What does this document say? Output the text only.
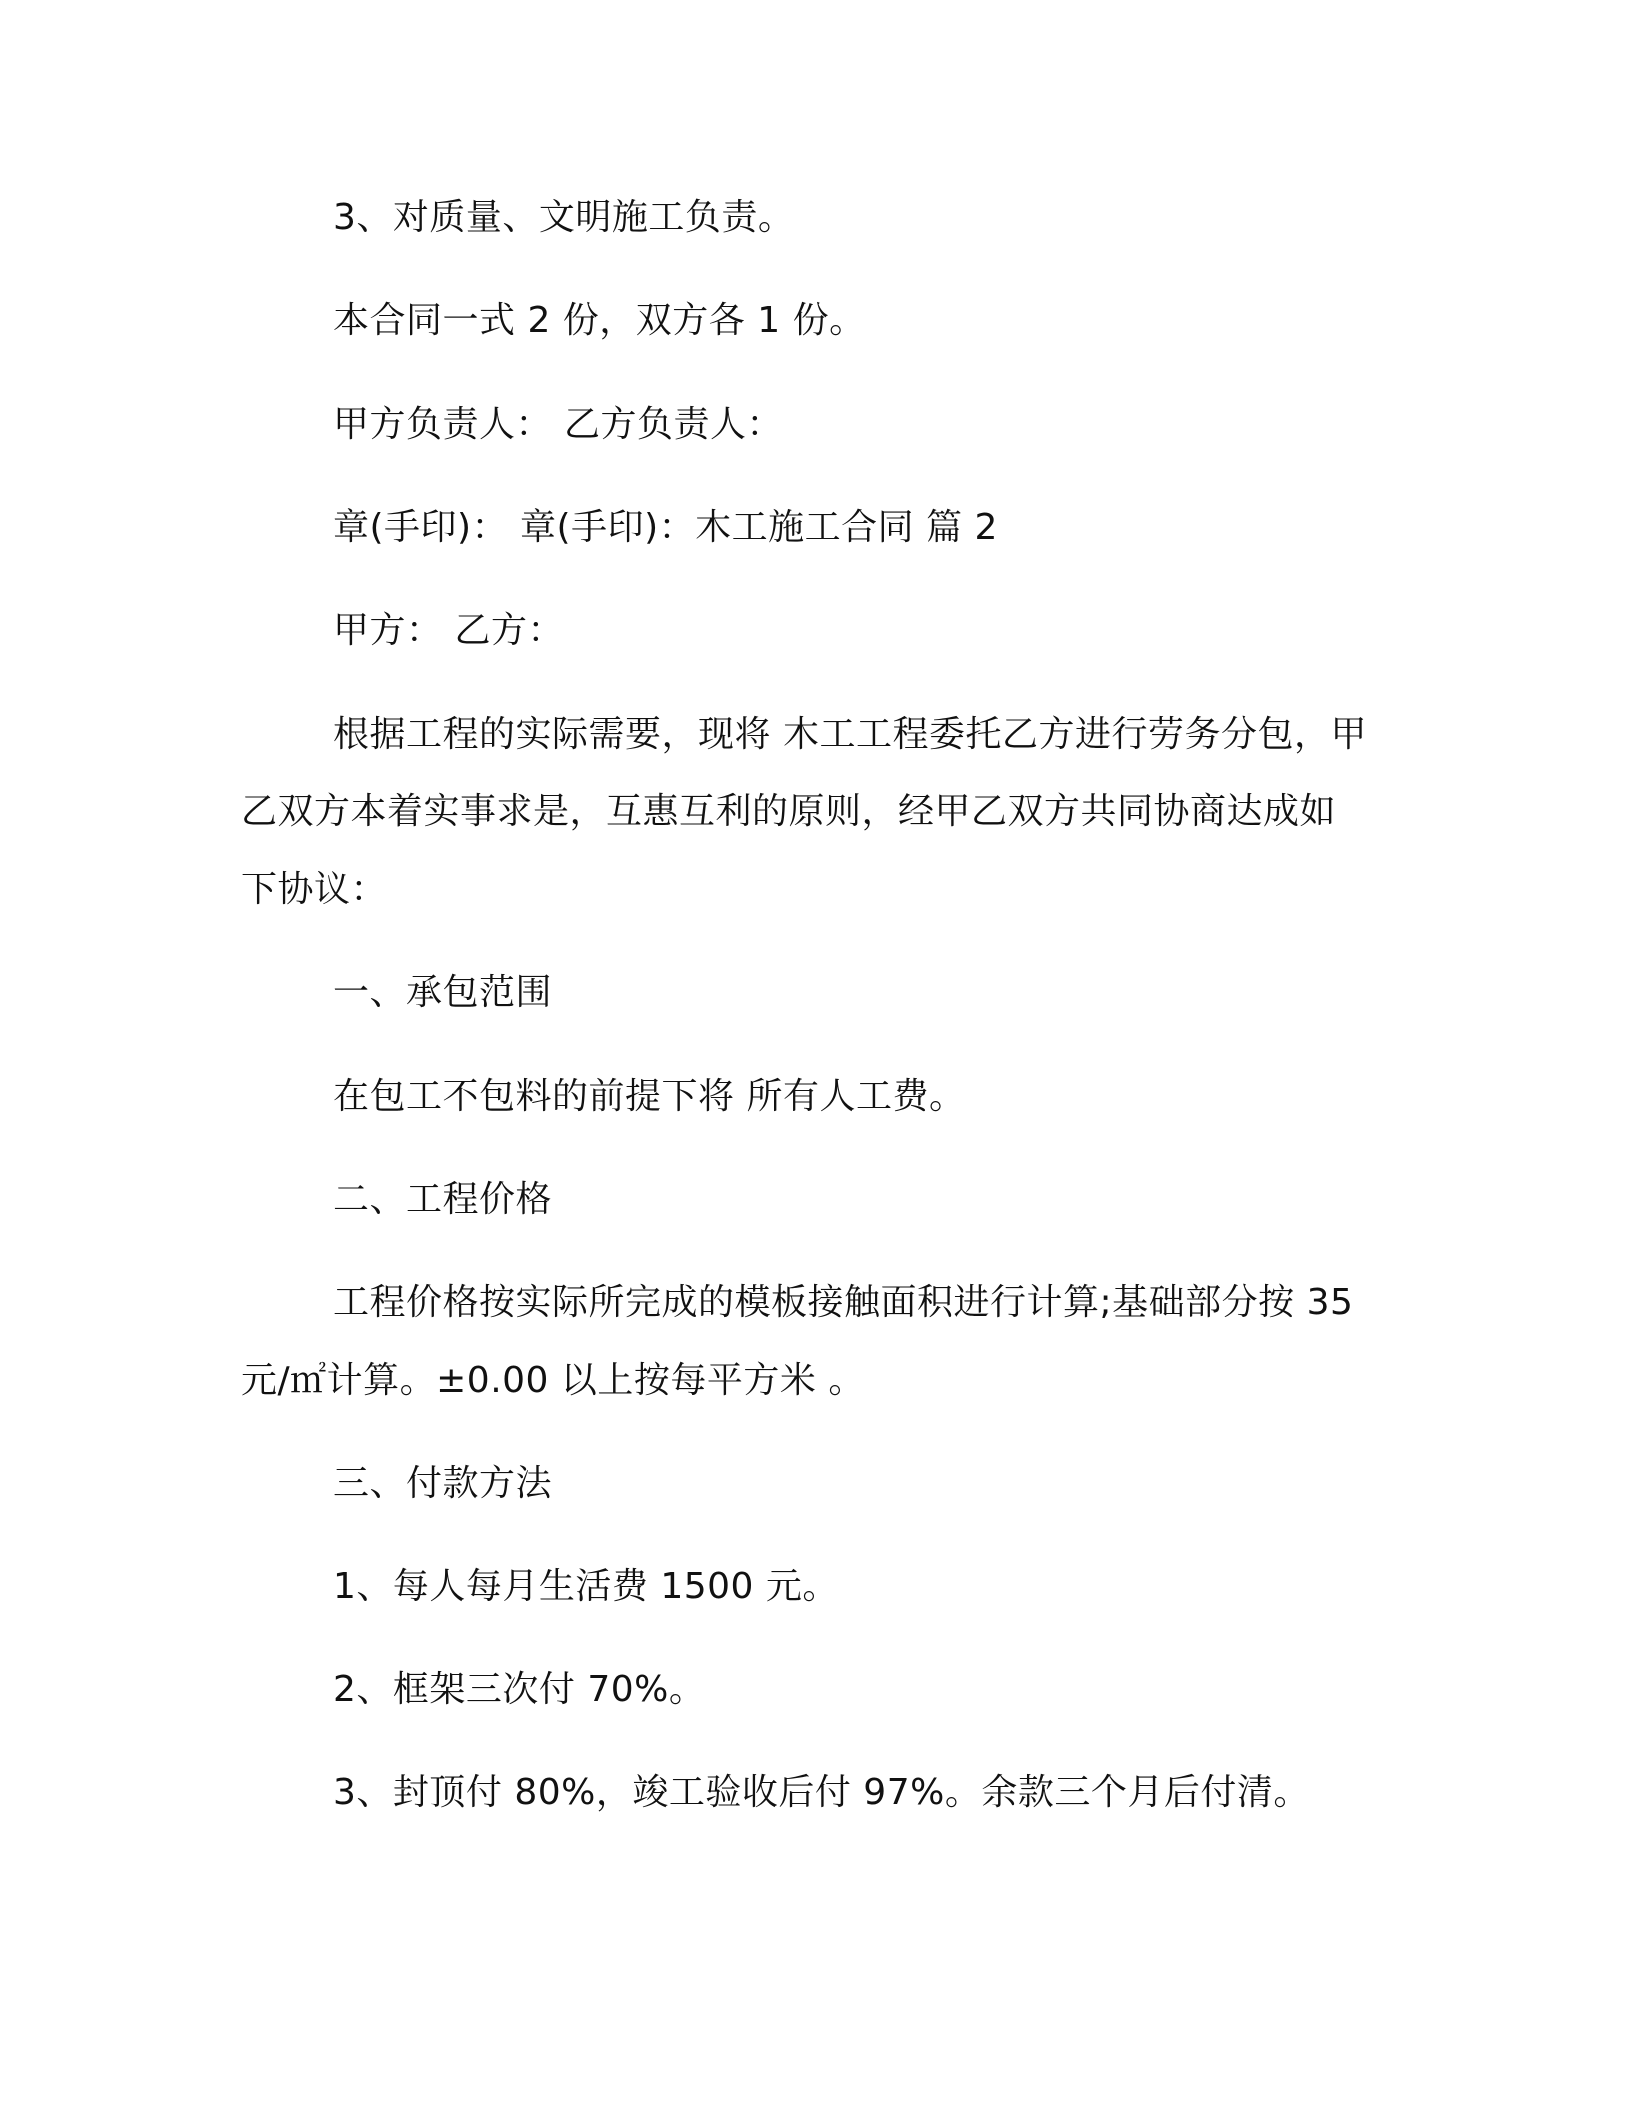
3、对质量、文明施工负责。
本合同一式 2 份，双方各 1 份。
甲方负责人： 乙方负责人：
章(手印)： 章(手印)：木工施工合同 篇 2
甲方： 乙方：
根据工程的实际需要，现将 木工工程委托乙方进行劳务分包，甲
乙双方本着实事求是，互惠互利的原则，经甲乙双方共同协商达成如
下协议：
一、承包范围
在包工不包料的前提下将 所有人工费。
二、工程价格
工程价格按实际所完成的模板接触面积进行计算;基础部分按 35
元/㎡计算。±0.00 以上按每平方米 。
三、付款方法
1、每人每月生活费 1500 元。
2、框架三次付 70%。
3、封顶付 80%，竣工验收后付 97%。余款三个月后付清。
